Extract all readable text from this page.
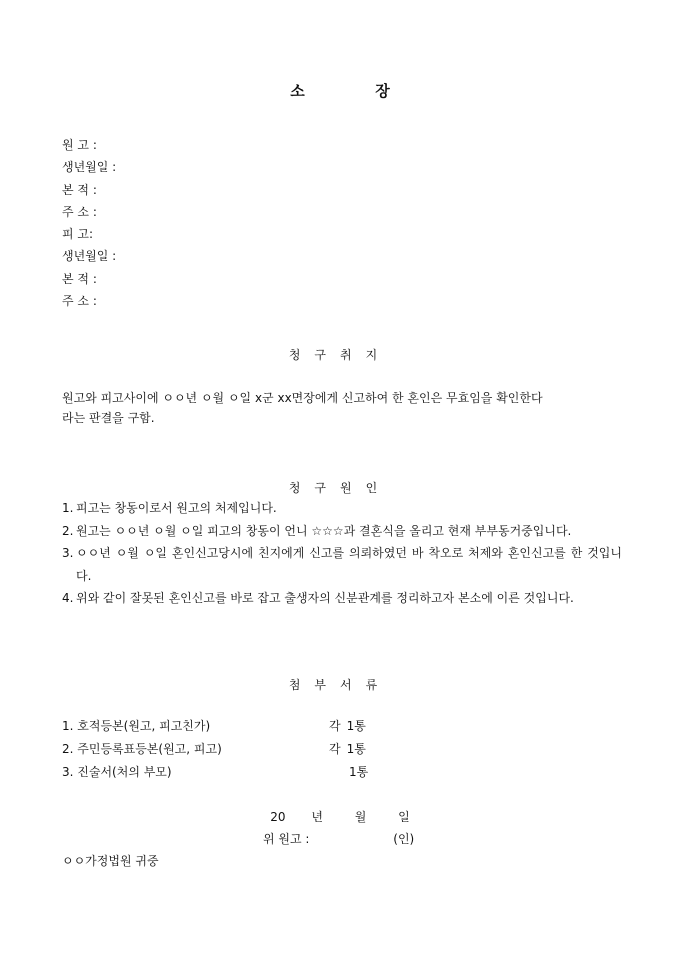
소	장
원 고 :
생년월일 :
본 적 :
주 소 :
피 고:
생년월일 :
본 적 :
주 소 :
청구취지

원고와 피고사이에 ㅇㅇ년 ㅇ월 ㅇ일 x군 xx면장에게 신고하여 한 혼인은 무효임을 확인한다

라는 판결을 구함.

청구원인
1. 피고는 창동이로서 원고의 처제입니다.
2. 원고는 ㅇㅇ년 ㅇ월 ㅇ일 피고의 창동이 언니 ☆☆☆과 결혼식을 올리고 현재 부부동거중입니다.
3. ㅇㅇ년 ㅇ월 ㅇ일 혼인신고당시에 친지에게 신고를 의뢰하였던 바 착오로 처제와 혼인신고를 한 것입니다.
4. 위와 같이 잘못된 혼인신고를 바로 잡고 출생자의 신분관계를 정리하고자 본소에 이른 것입니다.
첨부서류
1. 호적등본(원고, 피고친가)	각 1통
2. 주민등록표등본(원고, 피고)	각 1통
3. 진술서(처의 부모)	1통
20 년	월	일
위 원고 :	(인)
ㅇㅇ가정법원 귀중
